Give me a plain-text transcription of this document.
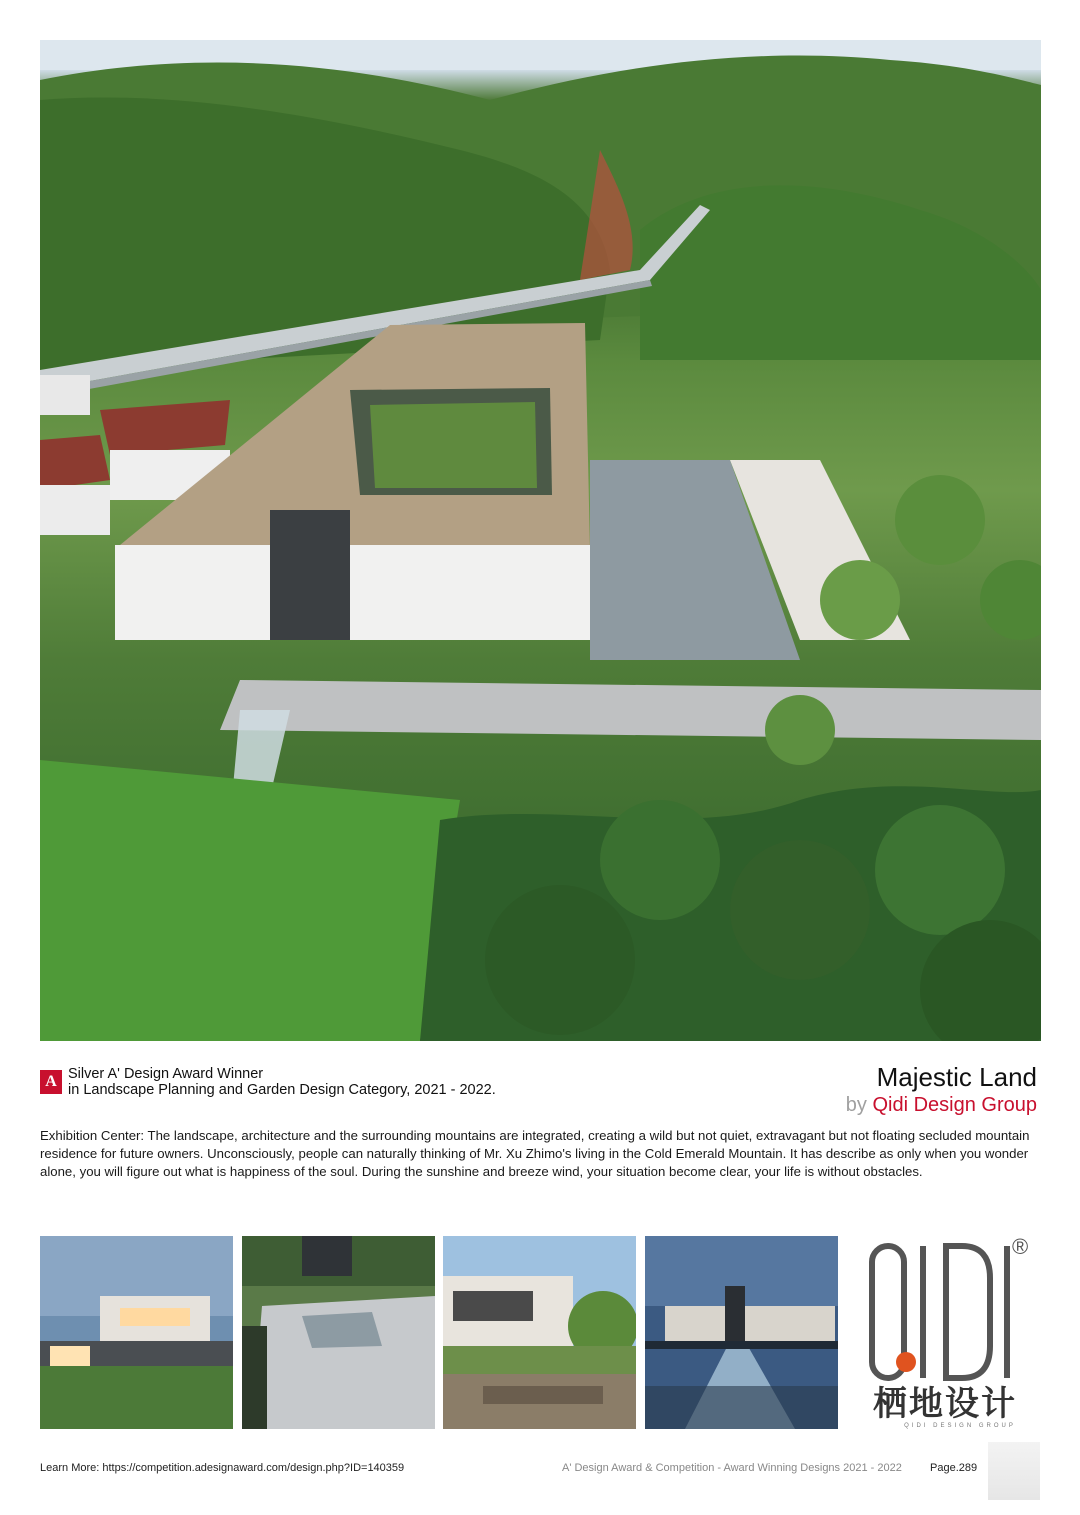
A Silver A' Design Award Winner
in Landscape Planning and Garden Design Category, 2021 - 2022.	Majestic Land
by Qidi Design Group
Exhibition Center: The landscape, architecture and the surrounding mountains are integrated, creating a wild but not quiet, extravagant but not floating secluded mountain residence for future owners. Unconsciously, people can naturally thinking of Mr. Xu Zhimo's living in the Cold Emerald Mountain. It has describe as only when you wonder alone, you will figure out what is happiness of the soul. During the sunshine and breeze wind, your situation become clear, your life is without obstacles.
®
栖地设计
QIDI DESIGN GROUP
Learn More: https://competition.adesignaward.com/design.php?ID=140359	A' Design Award & Competition - Award Winning Designs 2021 - 2022	Page.289
